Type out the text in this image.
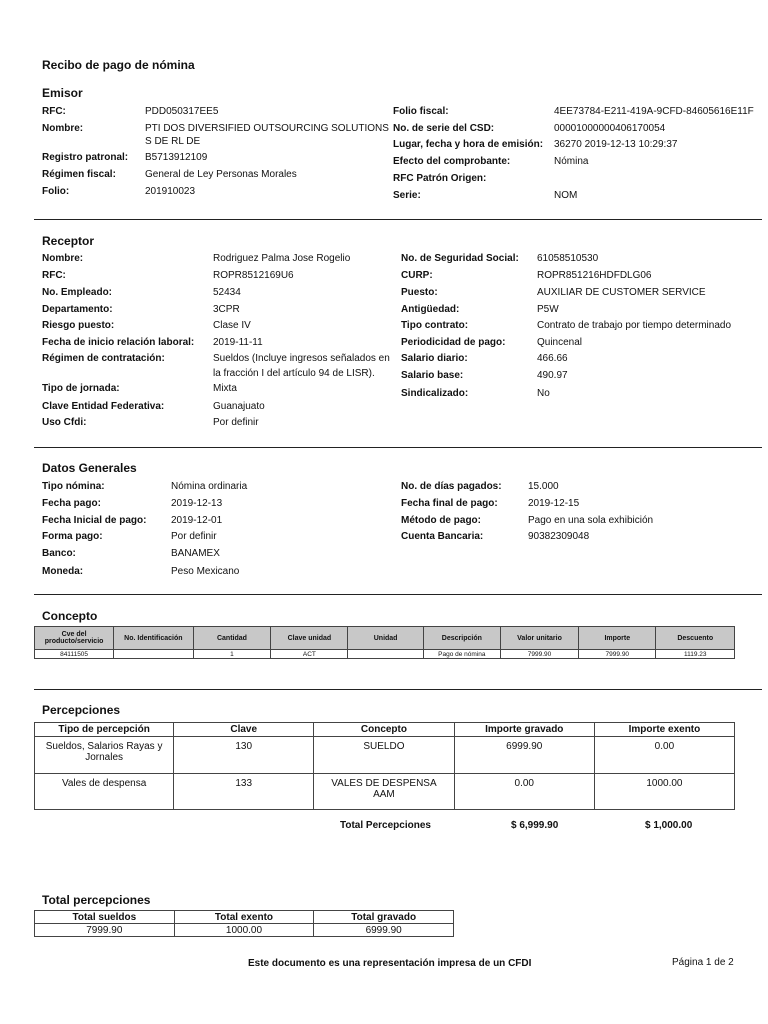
Recibo de pago de nómina
Emisor
RFC:	PDD050317EE5
Nombre:	PTI DOS DIVERSIFIED OUTSOURCING SOLUTIONS
S DE RL DE
Registro patronal: B5713912109
Régimen fiscal:	General de Ley Personas Morales
Folio:	201910023
Folio fiscal:	4EE73784-E211-419A-9CFD-84605616E11F
No. de serie del CSD:	00001000000406170054
Lugar, fecha y hora de emisión: 36270 2019-12-13 10:29:37
Efecto del comprobante:	Nómina
RFC Patrón Origen:
Serie:	NOM
Receptor
Nombre:	Rodriguez Palma Jose Rogelio
RFC:	ROPR8512169U6
No. Empleado:	52434
Departamento:	3CPR
Riesgo puesto:	Clase IV
Fecha de inicio relación laboral: 2019-11-11
Régimen de contratación:	Sueldos (Incluye ingresos señalados en
la fracción I del artículo 94 de LISR).
Tipo de jornada:	Mixta
Clave Entidad Federativa:	Guanajuato
Uso Cfdi:	Por definir
No. de Seguridad Social: 61058510530
CURP:	ROPR851216HDFDLG06
Puesto:	AUXILIAR DE CUSTOMER SERVICE
Antigüedad:	P5W
Tipo contrato:	Contrato de trabajo por tiempo determinado
Periodicidad de pago:	Quincenal
Salario diario:	466.66
Salario base:	490.97
Sindicalizado:	No
Datos Generales
Tipo nómina:	Nómina ordinaria
Fecha pago:	2019-12-13
Fecha Inicial de pago: 2019-12-01
Forma pago:	Por definir
Banco:	BANAMEX
Moneda:	Peso Mexicano
No. de días pagados:	15.000
Fecha final de pago:	2019-12-15
Método de pago:	Pago en una sola exhibición
Cuenta Bancaria:	90382309048
Concepto
Cve del producto/servicio	No. Identificación	Cantidad	Clave unidad	Unidad	Descripción	Valor unitario	Importe	Descuento
84111505		1	ACT		Pago de nómina	7999.90	7999.90	1119.23
Percepciones
Tipo de percepción	Clave	Concepto	Importe gravado	Importe exento
Sueldos, Salarios Rayas y Jornales	130	SUELDO	6999.90	0.00
Vales de despensa	133	VALES DE DESPENSA AAM	0.00	1000.00
Total Percepciones	$ 6,999.90	$ 1,000.00
Total percepciones
Total sueldos	Total exento	Total gravado
7999.90	1000.00	6999.90
Este documento es una representación impresa de un CFDI	Página 1 de 2
